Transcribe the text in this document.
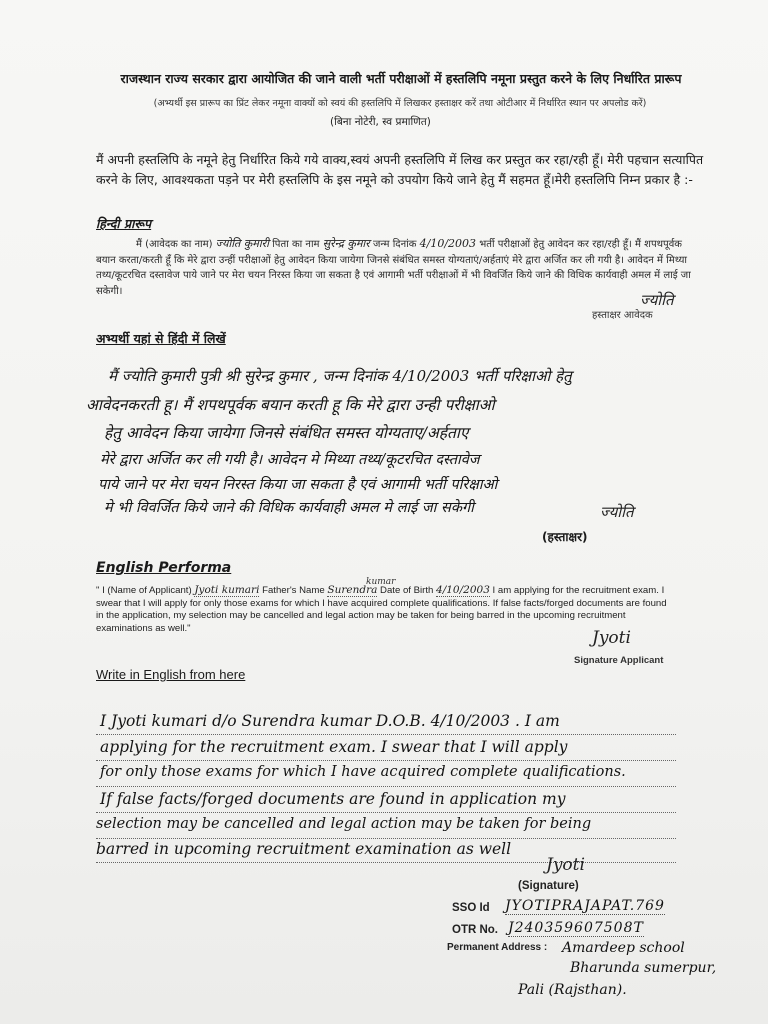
राजस्थान राज्य सरकार द्वारा आयोजित की जाने वाली भर्ती परीक्षाओं में हस्तलिपि नमूना प्रस्तुत करने के लिए निर्धारित प्रारूप
(अभ्यर्थी इस प्रारूप का प्रिंट लेकर नमूना वाक्यों को स्वयं की हस्तलिपि में लिखकर हस्ताक्षर करें तथा ओटीआर में निर्धारित स्थान पर अपलोड करें)
(बिना नोटेरी, स्व प्रमाणित)
मैं अपनी हस्तलिपि के नमूने हेतु निर्धारित किये गये वाक्य,स्वयं अपनी हस्तलिपि में लिख कर प्रस्तुत कर रहा/रही हूँ। मेरी पहचान सत्यापित करने के लिए, आवश्यकता पड़ने पर मेरी हस्तलिपि के इस नमूने को उपयोग किये जाने हेतु मैं सहमत हूँ।मेरी हस्तलिपि निम्न प्रकार है :-
हिन्दी प्रारूप
मैं (आवेदक का नाम) ज्योति कुमारी पिता का नाम सुरेन्द्र कुमार जन्म दिनांक 4/10/2003 भर्ती परीक्षाओं हेतु आवेदन कर रहा/रही हूँ। मैं शपथपूर्वक बयान करता/करती हूँ कि मेरे द्वारा उन्हीं परीक्षाओं हेतु आवेदन किया जायेगा जिनसे संबंधित समस्त योग्यताएं/अर्हताएं मेरे द्वारा अर्जित कर ली गयी है। आवेदन में मिथ्या तथ्य/कूटरचित दस्तावेज पाये जाने पर मेरा चयन निरस्त किया जा सकता है एवं आगामी भर्ती परीक्षाओं में भी विवर्जित किये जाने की विधिक कार्यवाही अमल में लाई जा सकेगी।	ज्योति
हस्ताक्षर आवेदक
अभ्यर्थी यहां से हिंदी में लिखें
मैं ज्योति कुमारी पुत्री श्री सुरेन्द्र कुमार , जन्म दिनांक 4/10/2003 भर्ती परिक्षाओ हेतु
आवेदनकरती हू। मैं शपथपूर्वक बयान करती हू कि मेरे द्वारा उन्ही परीक्षाओ
हेतु आवेदन किया जायेगा जिनसे संबंधित समस्त योग्यताए/अर्हताए
मेरे द्वारा अर्जित कर ली गयी है। आवेदन मे मिथ्या तथ्य/कूटरचित दस्तावेज
पाये जाने पर मेरा चयन निरस्त किया जा सकता है एवं आगामी भर्ती परिक्षाओ
मे भी विवर्जित किये जाने की विधिक कार्यवाही अमल मे लाई जा सकेगी	ज्योति
(हस्ताक्षर)
English Performa
kumar
" I (Name of Applicant) Jyoti kumari Father's Name Surendra Date of Birth 4/10/2003 I am applying for the recruitment exam. I swear that I will apply for only those exams for which I have acquired complete qualifications. If false facts/forged documents are found in the application, my selection may be cancelled and legal action may be taken for being barred in the upcoming recruitment examinations as well."	Jyoti
Signature Applicant
Write in English from here
I Jyoti kumari d/o Surendra kumar D.O.B. 4/10/2003 . I am
applying for the recruitment exam. I swear that I will apply
for only those exams for which I have acquired complete qualifications.
If false facts/forged documents are found in application my
selection may be cancelled and legal action may be taken for being
barred in upcoming recruitment examination as well
Jyoti
(Signature)
SSO Id JYOTIPRAJAPAT.769
OTR No. J240359607508T
Permanent Address : Amardeep school
Bharunda sumerpur,
Pali (Rajsthan).
